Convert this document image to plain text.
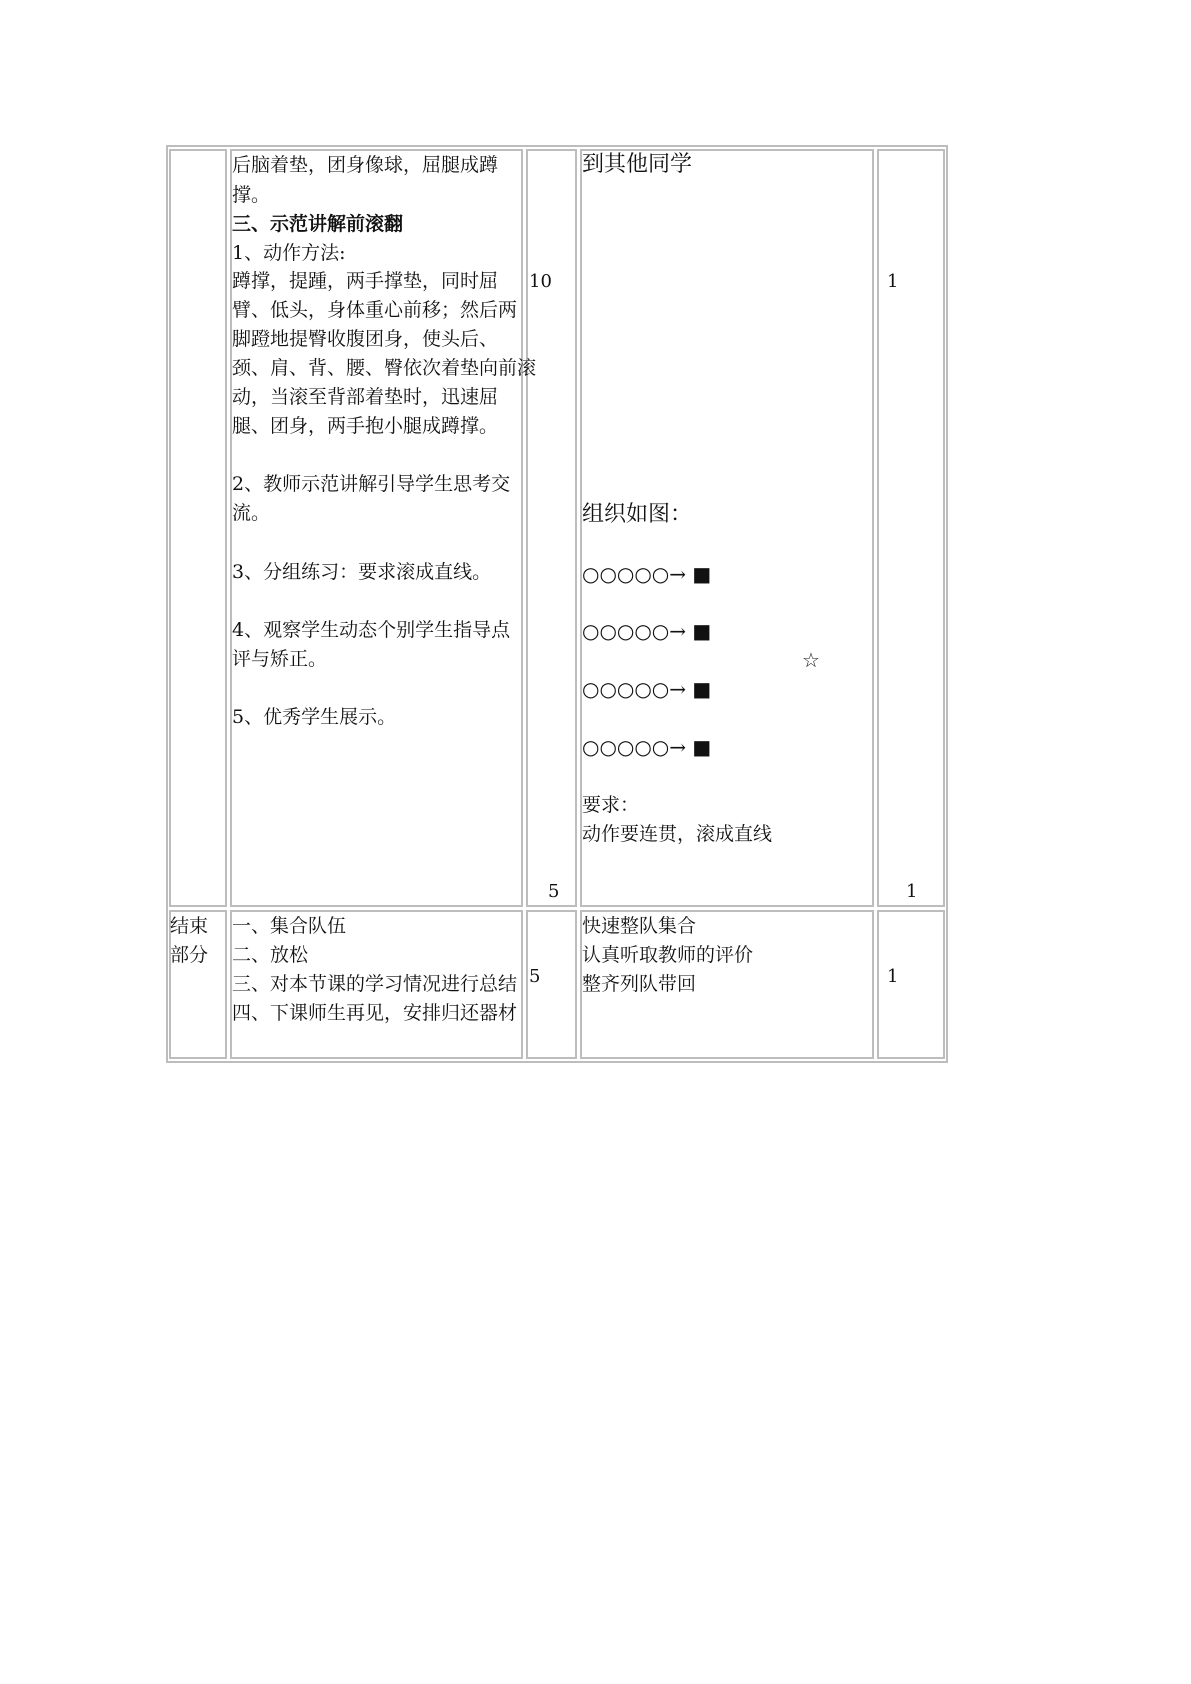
后脑着垫，团身像球，屈腿成蹲
撑。
三、示范讲解前滚翻
1、动作方法:
蹲撑，提踵，两手撑垫，同时屈
臂、低头，身体重心前移；然后两
脚蹬地提臀收腹团身，使头后、
颈、肩、背、腰、臀依次着垫向前滚
动，当滚至背部着垫时，迅速屈
腿、团身，两手抱小腿成蹲撑。
2、教师示范讲解引导学生思考交
流。
3、分组练习：要求滚成直线。
4、观察学生动态个别学生指导点
评与矫正。
5、优秀学生展示。
10
5
到其他同学
组织如图：
○○○○○→ ■
○○○○○→ ■
☆
○○○○○→ ■
○○○○○→ ■
要求：
动作要连贯，滚成直线
1
1
结束
部分
一、集合队伍
二、放松
三、对本节课的学习情况进行总结
四、下课师生再见，安排归还器材
5
快速整队集合
认真听取教师的评价
整齐列队带回	1
